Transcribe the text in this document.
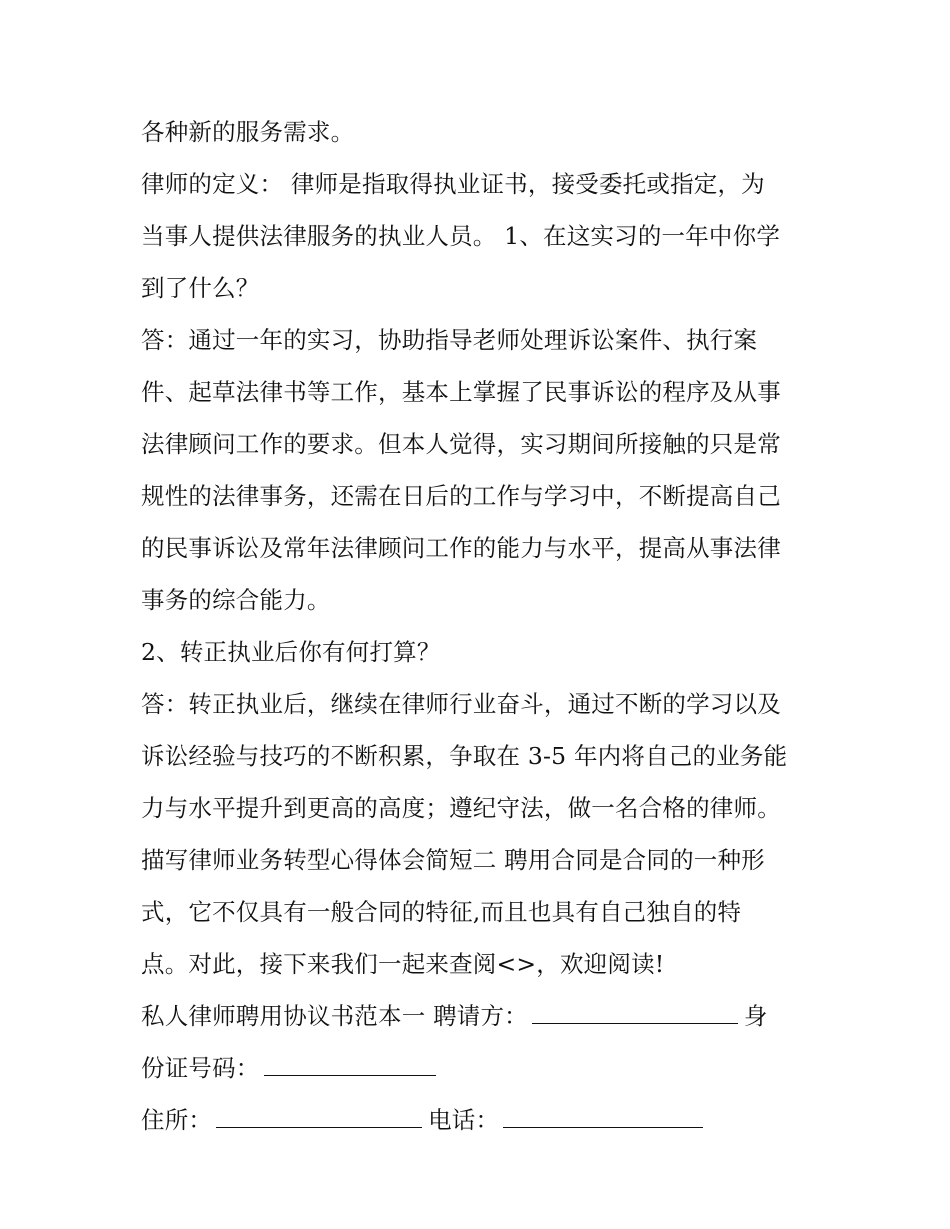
各种新的服务需求。
律师的定义： 律师是指取得执业证书，接受委托或指定，为
当事人提供法律服务的执业人员。 1、在这实习的一年中你学
到了什么？
答：通过一年的实习，协助指导老师处理诉讼案件、执行案
件、起草法律书等工作，基本上掌握了民事诉讼的程序及从事
法律顾问工作的要求。但本人觉得，实习期间所接触的只是常
规性的法律事务，还需在日后的工作与学习中，不断提高自己
的民事诉讼及常年法律顾问工作的能力与水平，提高从事法律
事务的综合能力。
2、转正执业后你有何打算？
答：转正执业后，继续在律师行业奋斗，通过不断的学习以及
诉讼经验与技巧的不断积累，争取在 3-5 年内将自己的业务能
力与水平提升到更高的高度；遵纪守法，做一名合格的律师。
描写律师业务转型心得体会简短二 聘用合同是合同的一种形
式，它不仅具有一般合同的特征,而且也具有自己独自的特
点。对此，接下来我们一起来查阅<>，欢迎阅读!
私人律师聘用协议书范本一 聘请方：	身
份证号码：
住所：	电话：
